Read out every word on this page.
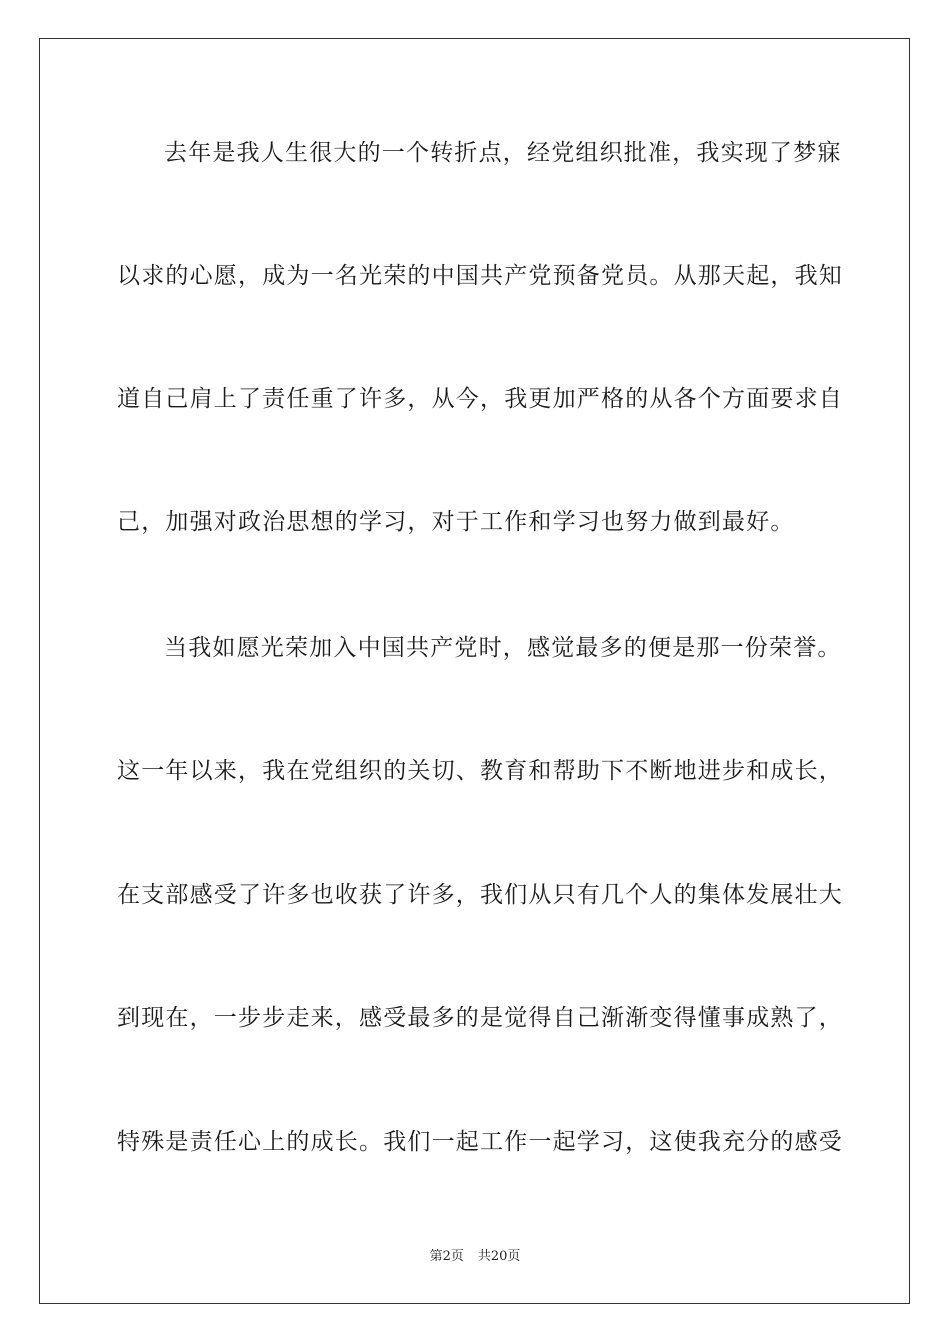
去年是我人生很大的一个转折点，经党组织批准，我实现了梦寐
以求的心愿，成为一名光荣的中国共产党预备党员。从那天起，我知
道自己肩上了责任重了许多，从今，我更加严格的从各个方面要求自
己，加强对政治思想的学习，对于工作和学习也努力做到最好。
当我如愿光荣加入中国共产党时，感觉最多的便是那一份荣誉。
这一年以来，我在党组织的关切、教育和帮助下不断地进步和成长，
在支部感受了许多也收获了许多，我们从只有几个人的集体发展壮大
到现在，一步步走来，感受最多的是觉得自己渐渐变得懂事成熟了，
特殊是责任心上的成长。我们一起工作一起学习，这使我充分的感受
第2页 共20页
